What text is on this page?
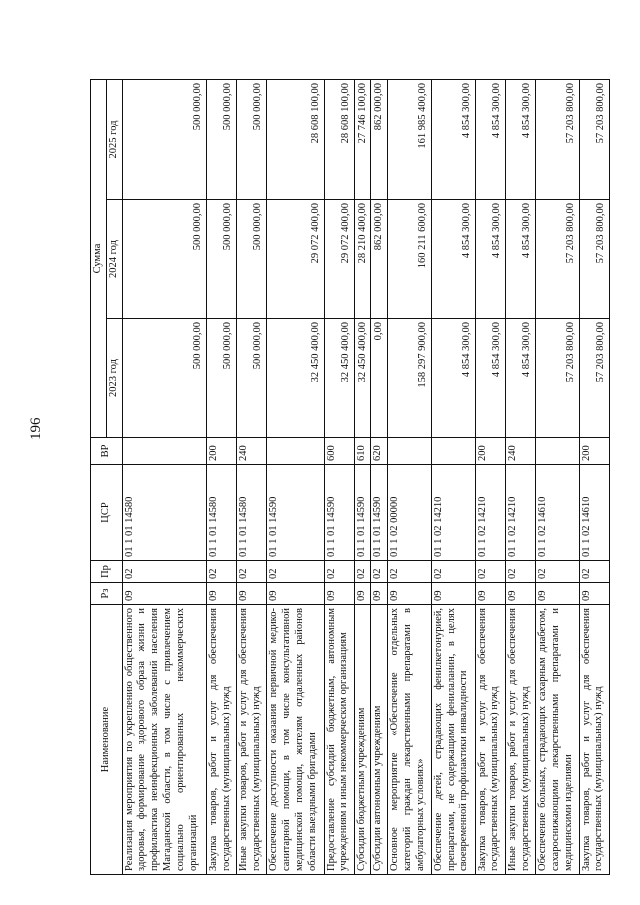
196
Наименование	Рз	Пр	ЦСР	ВР	Сумма		
					2023 год	2024 год	2025 год
Реализация мероприятия по укреплению общественного здоровья, формирование здорового образа жизни и профилактика неинфекционных заболеваний населения Магаданской области, в том числе с привлечением социально ориентированных некоммерческих организаций	09	02	01 1 01 14580		500 000,00	500 000,00	500 000,00
Закупка товаров, работ и услуг для обеспечения государственных (муниципальных) нужд	09	02	01 1 01 14580	200	500 000,00	500 000,00	500 000,00
Иные закупки товаров, работ и услуг для обеспечения государственных (муниципальных) нужд	09	02	01 1 01 14580	240	500 000,00	500 000,00	500 000,00
Обеспечение доступности оказания первичной медико-санитарной помощи, в том числе консультативной медицинской помощи, жителям отдаленных районов области выездными бригадами	09	02	01 1 01 14590		32 450 400,00	29 072 400,00	28 608 100,00
Предоставление субсидий бюджетным, автономным учреждениям и иным некоммерческим организациям	09	02	01 1 01 14590	600	32 450 400,00	29 072 400,00	28 608 100,00
Субсидии бюджетным учреждениям	09	02	01 1 01 14590	610	32 450 400,00	28 210 400,00	27 746 100,00
Субсидии автономным учреждениям	09	02	01 1 01 14590	620	0,00	862 000,00	862 000,00
Основное мероприятие «Обеспечение отдельных категорий граждан лекарственными препаратами в амбулаторных условиях»	09	02	01 1 02 00000		158 297 900,00	160 211 600,00	161 985 400,00
Обеспечение детей, страдающих фенилкетонурией, препаратами, не содержащими фенилаланин, в целях своевременной профилактики инвалидности	09	02	01 1 02 14210		4 854 300,00	4 854 300,00	4 854 300,00
Закупка товаров, работ и услуг для обеспечения государственных (муниципальных) нужд	09	02	01 1 02 14210	200	4 854 300,00	4 854 300,00	4 854 300,00
Иные закупки товаров, работ и услуг для обеспечения государственных (муниципальных) нужд	09	02	01 1 02 14210	240	4 854 300,00	4 854 300,00	4 854 300,00
Обеспечение больных, страдающих сахарным диабетом, сахароснижающими лекарственными препаратами и медицинскими изделиями	09	02	01 1 02 14610		57 203 800,00	57 203 800,00	57 203 800,00
Закупка товаров, работ и услуг для обеспечения государственных (муниципальных) нужд	09	02	01 1 02 14610	200	57 203 800,00	57 203 800,00	57 203 800,00
